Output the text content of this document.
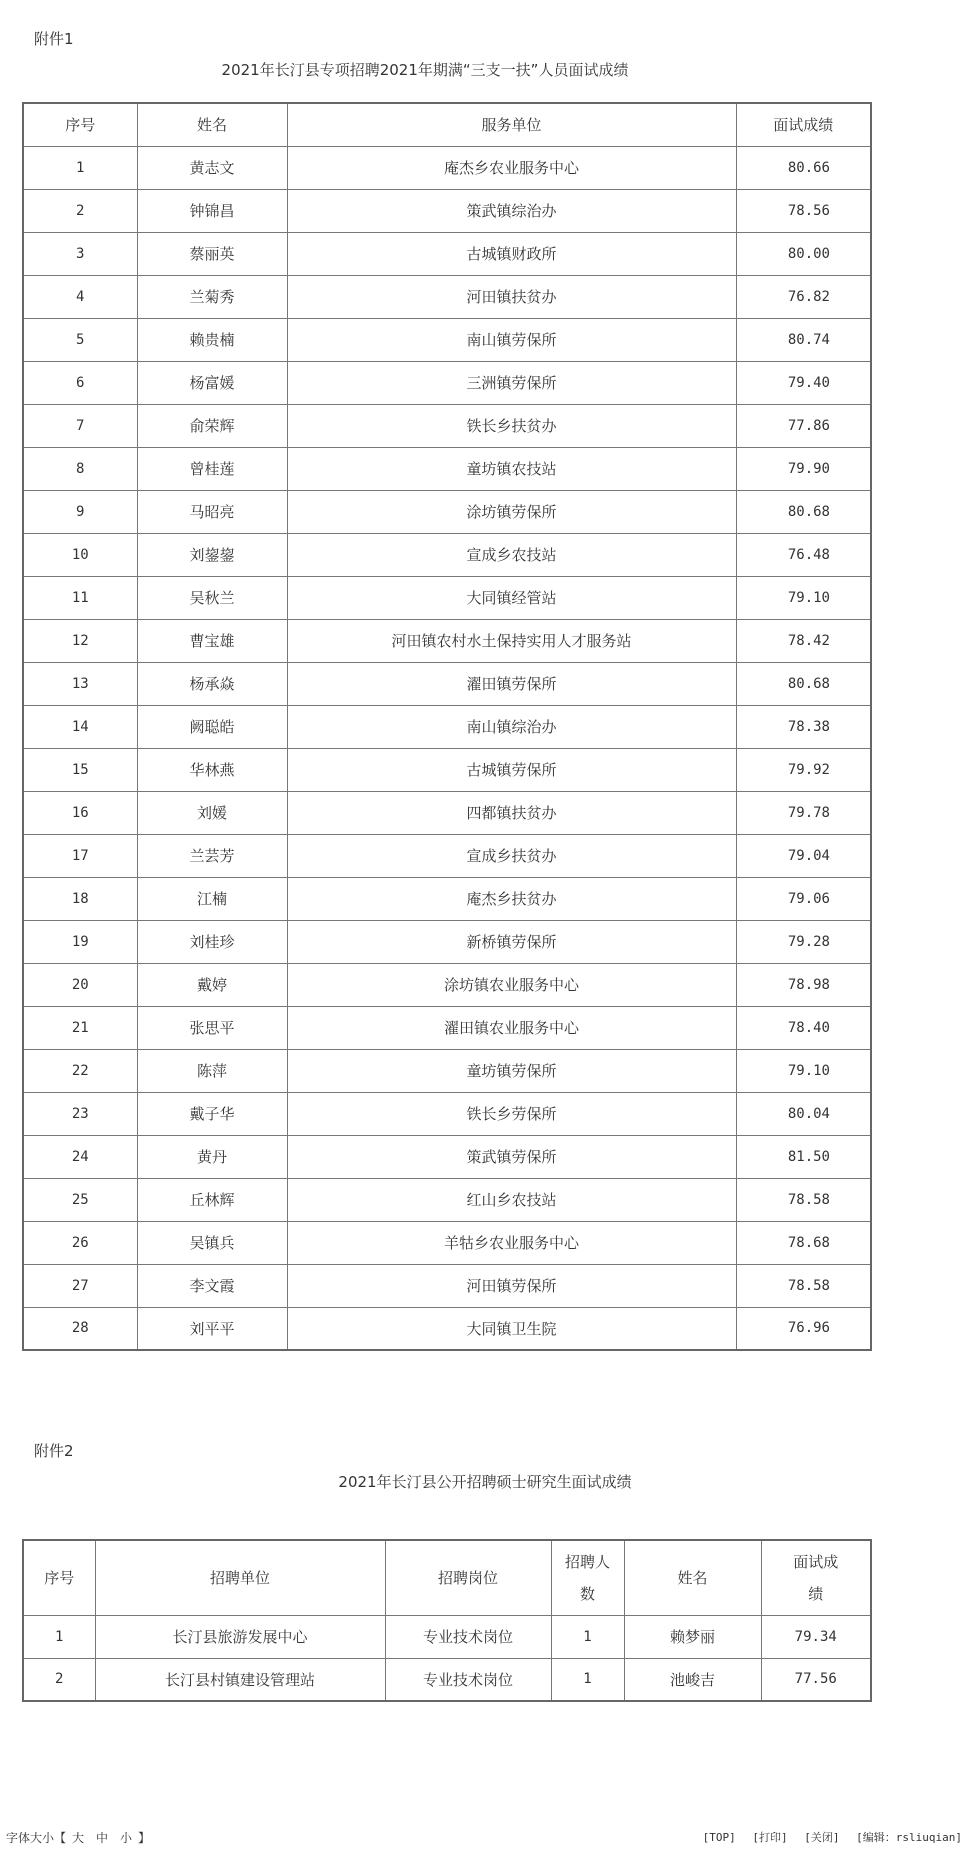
附件1
2021年长汀县专项招聘2021年期满“三支一扶”人员面试成绩
序号	姓名	服务单位	面试成绩
1	黄志文	庵杰乡农业服务中心	80.66
2	钟锦昌	策武镇综治办	78.56
3	蔡丽英	古城镇财政所	80.00
4	兰菊秀	河田镇扶贫办	76.82
5	赖贵楠	南山镇劳保所	80.74
6	杨富媛	三洲镇劳保所	79.40
7	俞荣辉	铁长乡扶贫办	77.86
8	曾桂莲	童坊镇农技站	79.90
9	马昭亮	涂坊镇劳保所	80.68
10	刘鋆鋆	宣成乡农技站	76.48
11	吴秋兰	大同镇经管站	79.10
12	曹宝雄	河田镇农村水土保持实用人才服务站	78.42
13	杨承焱	濯田镇劳保所	80.68
14	阙聪皓	南山镇综治办	78.38
15	华林燕	古城镇劳保所	79.92
16	刘媛	四都镇扶贫办	79.78
17	兰芸芳	宣成乡扶贫办	79.04
18	江楠	庵杰乡扶贫办	79.06
19	刘桂珍	新桥镇劳保所	79.28
20	戴婷	涂坊镇农业服务中心	78.98
21	张思平	濯田镇农业服务中心	78.40
22	陈萍	童坊镇劳保所	79.10
23	戴子华	铁长乡劳保所	80.04
24	黄丹	策武镇劳保所	81.50
25	丘林辉	红山乡农技站	78.58
26	吴镇兵	羊牯乡农业服务中心	78.68
27	李文霞	河田镇劳保所	78.58
28	刘平平	大同镇卫生院	76.96
附件2
2021年长汀县公开招聘硕士研究生面试成绩
序号	招聘单位	招聘岗位	招聘人数	姓名	面试成绩
1	长汀县旅游发展中心	专业技术岗位	1	赖梦丽	79.34
2	长汀县村镇建设管理站	专业技术岗位	1	池峻吉	77.56
字体大小【 大 中 小 】	[TOP] [打印] [关闭] [编辑：rsliuqian]
